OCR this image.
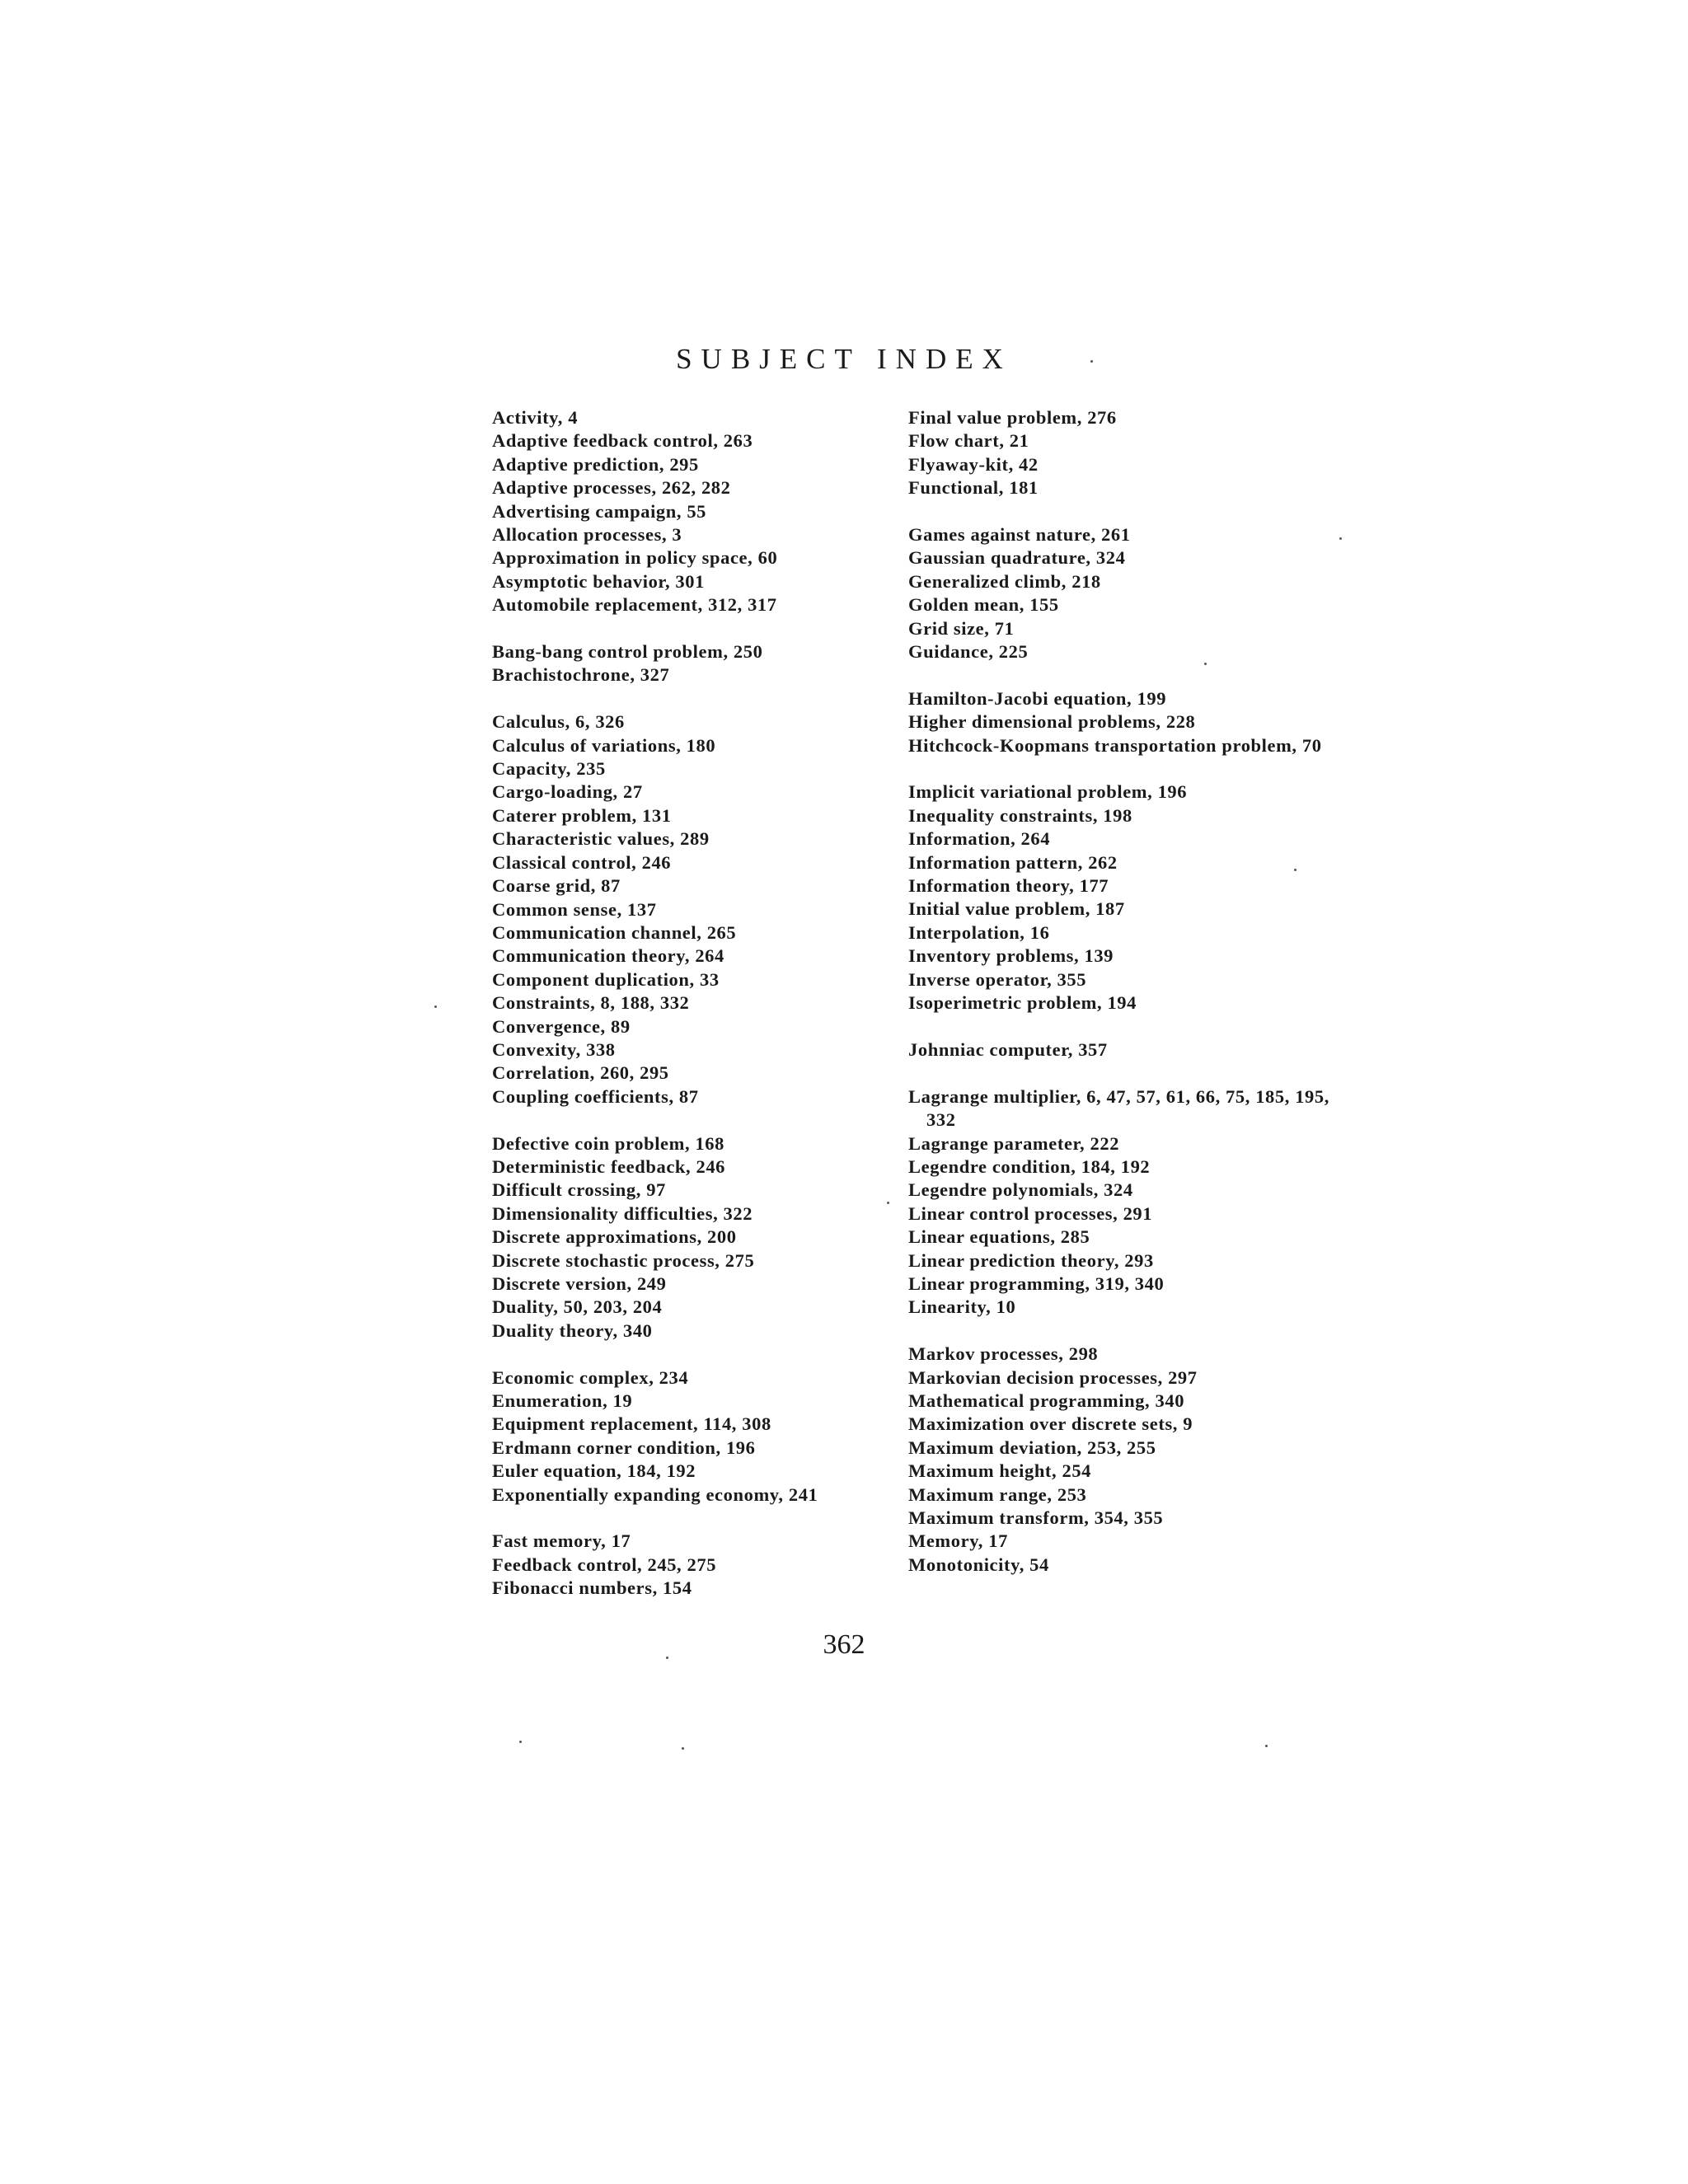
SUBJECT INDEX
Activity, 4
Adaptive feedback control, 263
Adaptive prediction, 295
Adaptive processes, 262, 282
Advertising campaign, 55
Allocation processes, 3
Approximation in policy space, 60
Asymptotic behavior, 301
Automobile replacement, 312, 317
Bang-bang control problem, 250
Brachistochrone, 327
Calculus, 6, 326
Calculus of variations, 180
Capacity, 235
Cargo-loading, 27
Caterer problem, 131
Characteristic values, 289
Classical control, 246
Coarse grid, 87
Common sense, 137
Communication channel, 265
Communication theory, 264
Component duplication, 33
Constraints, 8, 188, 332
Convergence, 89
Convexity, 338
Correlation, 260, 295
Coupling coefficients, 87
Defective coin problem, 168
Deterministic feedback, 246
Difficult crossing, 97
Dimensionality difficulties, 322
Discrete approximations, 200
Discrete stochastic process, 275
Discrete version, 249
Duality, 50, 203, 204
Duality theory, 340
Economic complex, 234
Enumeration, 19
Equipment replacement, 114, 308
Erdmann corner condition, 196
Euler equation, 184, 192
Exponentially expanding economy, 241
Fast memory, 17
Feedback control, 245, 275
Fibonacci numbers, 154
Final value problem, 276
Flow chart, 21
Flyaway-kit, 42
Functional, 181
Games against nature, 261
Gaussian quadrature, 324
Generalized climb, 218
Golden mean, 155
Grid size, 71
Guidance, 225
Hamilton-Jacobi equation, 199
Higher dimensional problems, 228
Hitchcock-Koopmans transportation problem, 70
Implicit variational problem, 196
Inequality constraints, 198
Information, 264
Information pattern, 262
Information theory, 177
Initial value problem, 187
Interpolation, 16
Inventory problems, 139
Inverse operator, 355
Isoperimetric problem, 194
Johnniac computer, 357
Lagrange multiplier, 6, 47, 57, 61, 66, 75, 185, 195, 332
Lagrange parameter, 222
Legendre condition, 184, 192
Legendre polynomials, 324
Linear control processes, 291
Linear equations, 285
Linear prediction theory, 293
Linear programming, 319, 340
Linearity, 10
Markov processes, 298
Markovian decision processes, 297
Mathematical programming, 340
Maximization over discrete sets, 9
Maximum deviation, 253, 255
Maximum height, 254
Maximum range, 253
Maximum transform, 354, 355
Memory, 17
Monotonicity, 54

362
